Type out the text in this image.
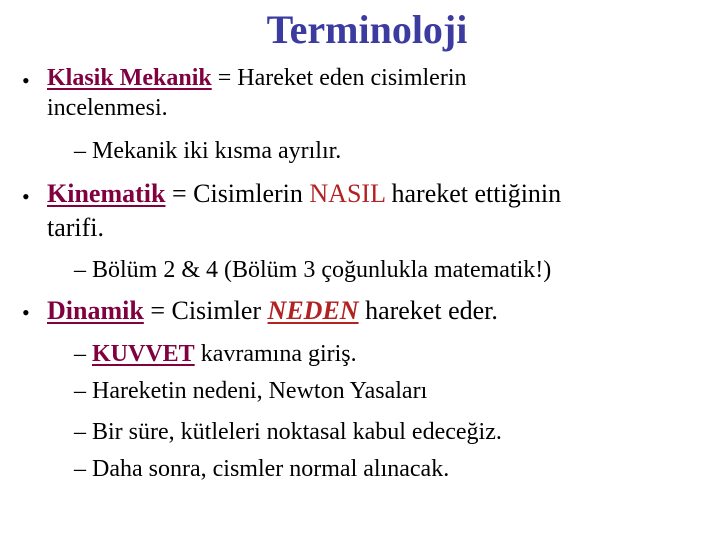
Terminoloji
• Klasik Mekanik = Hareket eden cisimlerin
incelenmesi.
– Mekanik iki kısma ayrılır.
• Kinematik = Cisimlerin NASIL hareket ettiğinin
tarifi.
– Bölüm 2 & 4 (Bölüm 3 çoğunlukla matematik!)
• Dinamik = Cisimler NEDEN hareket eder.
– KUVVET kavramına giriş.
– Hareketin nedeni, Newton Yasaları
– Bir süre, kütleleri noktasal kabul edeceğiz.
– Daha sonra, cismler normal alınacak.
